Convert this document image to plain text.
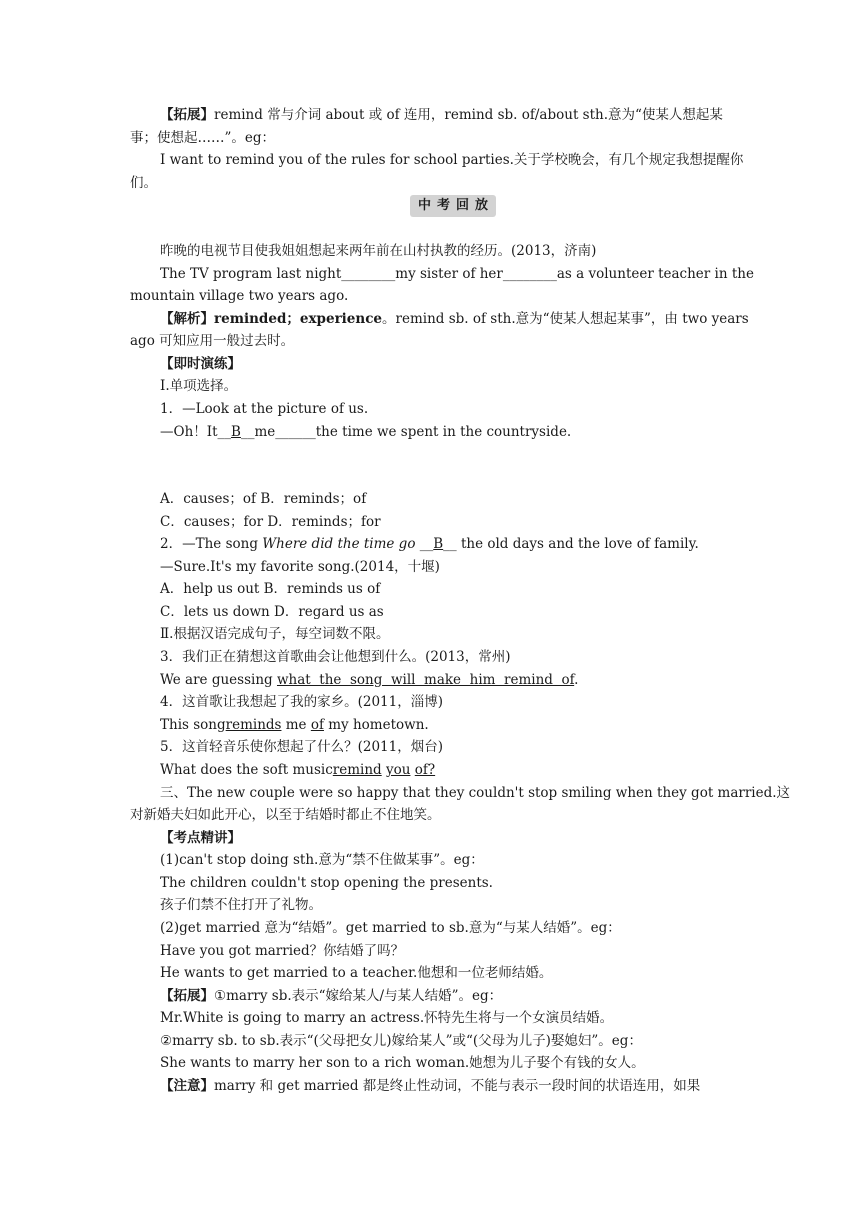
【拓展】remind 常与介词 about 或 of 连用，remind sb. of/about sth.意为“使某人想起某
事；使想起……”。eg：
I want to remind you of the rules for school parties.关于学校晚会，有几个规定我想提醒你
们。
中考回放
昨晚的电视节目使我姐姐想起来两年前在山村执教的经历。(2013，济南)
The TV program last night________my sister of her________as a volunteer teacher in the
mountain village two years ago.
【解析】reminded；experience。remind sb. of sth.意为“使某人想起某事”，由 two years
ago 可知应用一般过去时。
【即时演练】
Ⅰ.单项选择。
1．—Look at the picture of us.
—Oh！It__B__me______the time we spent in the countryside.
A．causes；of B．reminds；of
C．causes；for D．reminds；for
2．—The song Where did the time go __B__ the old days and the love of family.
—Sure.It's my favorite song.(2014，十堰)
A．help us out B．reminds us of
C．lets us down D．regard us as
Ⅱ.根据汉语完成句子，每空词数不限。
3．我们正在猜想这首歌曲会让他想到什么。(2013，常州)
We are guessing what  the  song  will  make  him  remind  of.
4．这首歌让我想起了我的家乡。(2011，淄博)
This songreminds me of my hometown.
5．这首轻音乐使你想起了什么？(2011，烟台)
What does the soft musicremind you of?
三、The new couple were so happy that they couldn't stop smiling when they got married.这
对新婚夫妇如此开心，以至于结婚时都止不住地笑。
【考点精讲】
(1)can't stop doing sth.意为“禁不住做某事”。eg：
The children couldn't stop opening the presents.
孩子们禁不住打开了礼物。
(2)get married 意为“结婚”。get married to sb.意为“与某人结婚”。eg：
Have you got married？你结婚了吗？
He wants to get married to a teacher.他想和一位老师结婚。
【拓展】①marry sb.表示“嫁给某人/与某人结婚”。eg：
Mr.White is going to marry an actress.怀特先生将与一个女演员结婚。
②marry sb. to sb.表示“(父母把女儿)嫁给某人”或“(父母为儿子)娶媳妇”。eg：
She wants to marry her son to a rich woman.她想为儿子娶个有钱的女人。
【注意】marry 和 get married 都是终止性动词，不能与表示一段时间的状语连用，如果
